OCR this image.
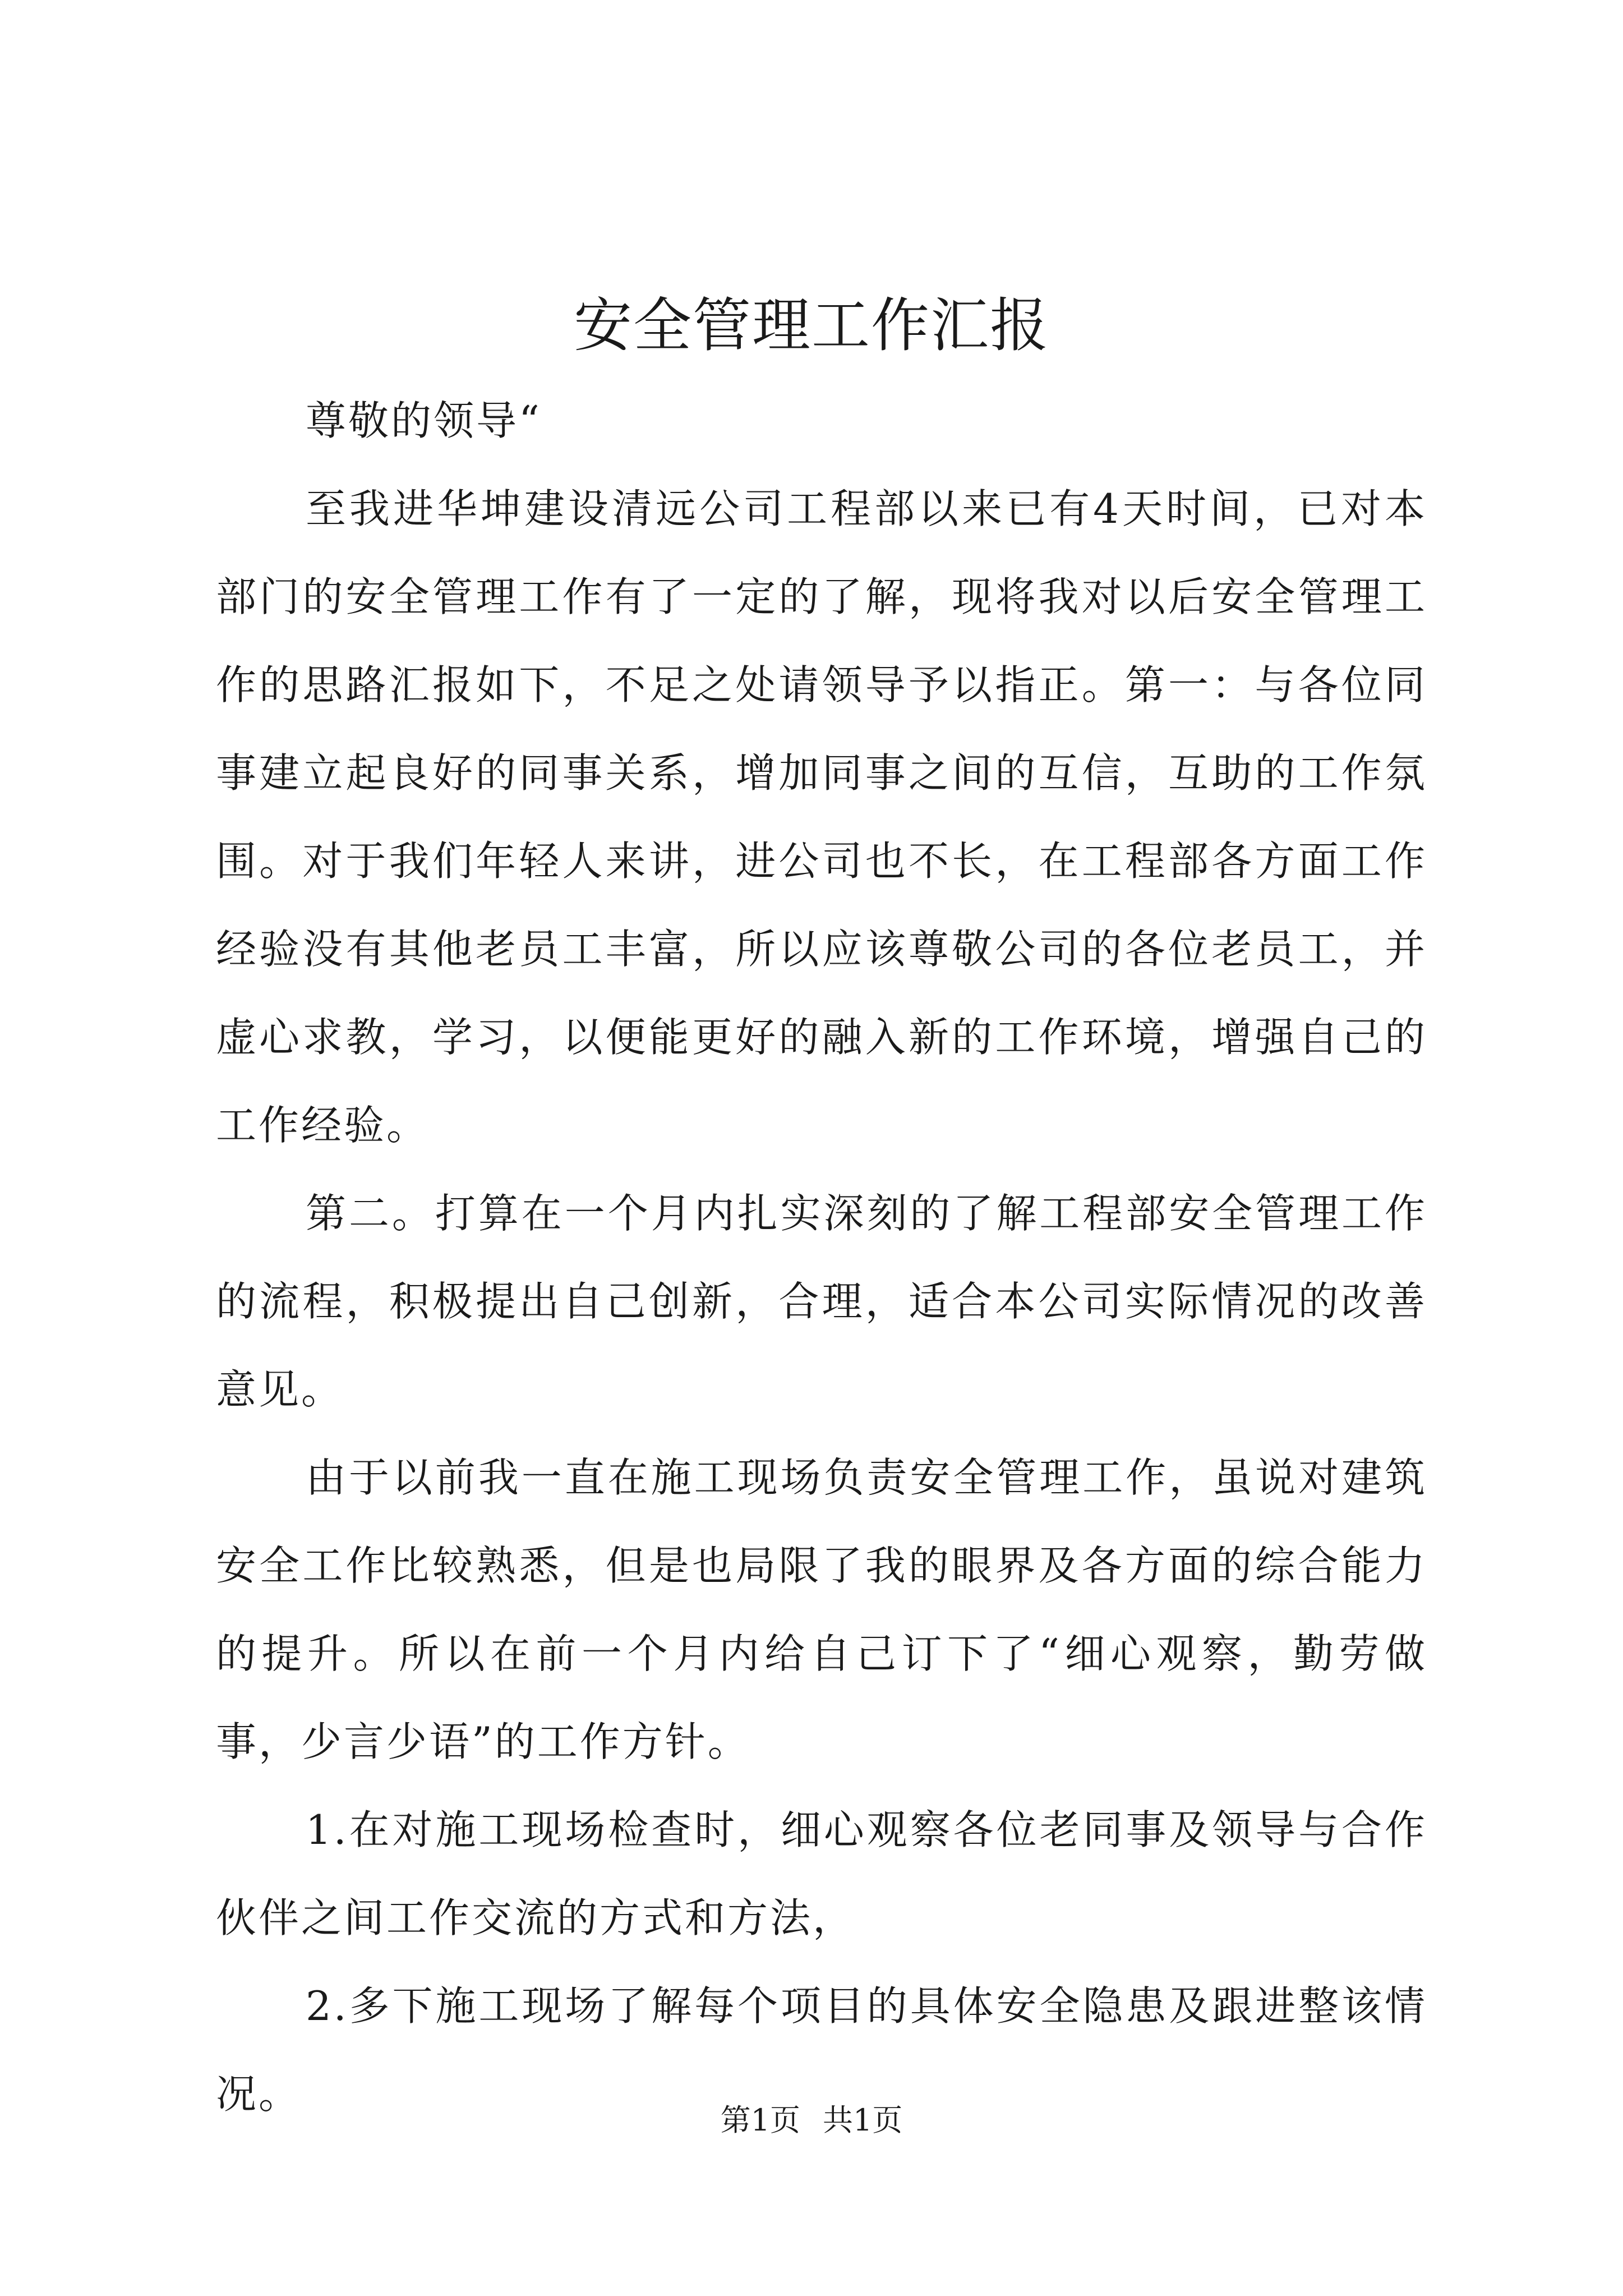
安全管理工作汇报

尊敬的领导“

至我进华坤建设清远公司工程部以来已有4天时间，已对本部门的安全管理工作有了一定的了解，现将我对以后安全管理工作的思路汇报如下，不足之处请领导予以指正。第一：与各位同事建立起良好的同事关系，增加同事之间的互信，互助的工作氛围。对于我们年轻人来讲，进公司也不长，在工程部各方面工作经验没有其他老员工丰富，所以应该尊敬公司的各位老员工，并虚心求教，学习，以便能更好的融入新的工作环境，增强自己的工作经验。

第二。打算在一个月内扎实深刻的了解工程部安全管理工作的流程，积极提出自己创新，合理，适合本公司实际情况的改善意见。

由于以前我一直在施工现场负责安全管理工作，虽说对建筑安全工作比较熟悉，但是也局限了我的眼界及各方面的综合能力的提升。所以在前一个月内给自己订下了“细心观察，勤劳做事，少言少语”的工作方针。

1.在对施工现场检查时，细心观察各位老同事及领导与合作伙伴之间工作交流的方式和方法，

2.多下施工现场了解每个项目的具体安全隐患及跟进整该情况。

第1页 共1页
